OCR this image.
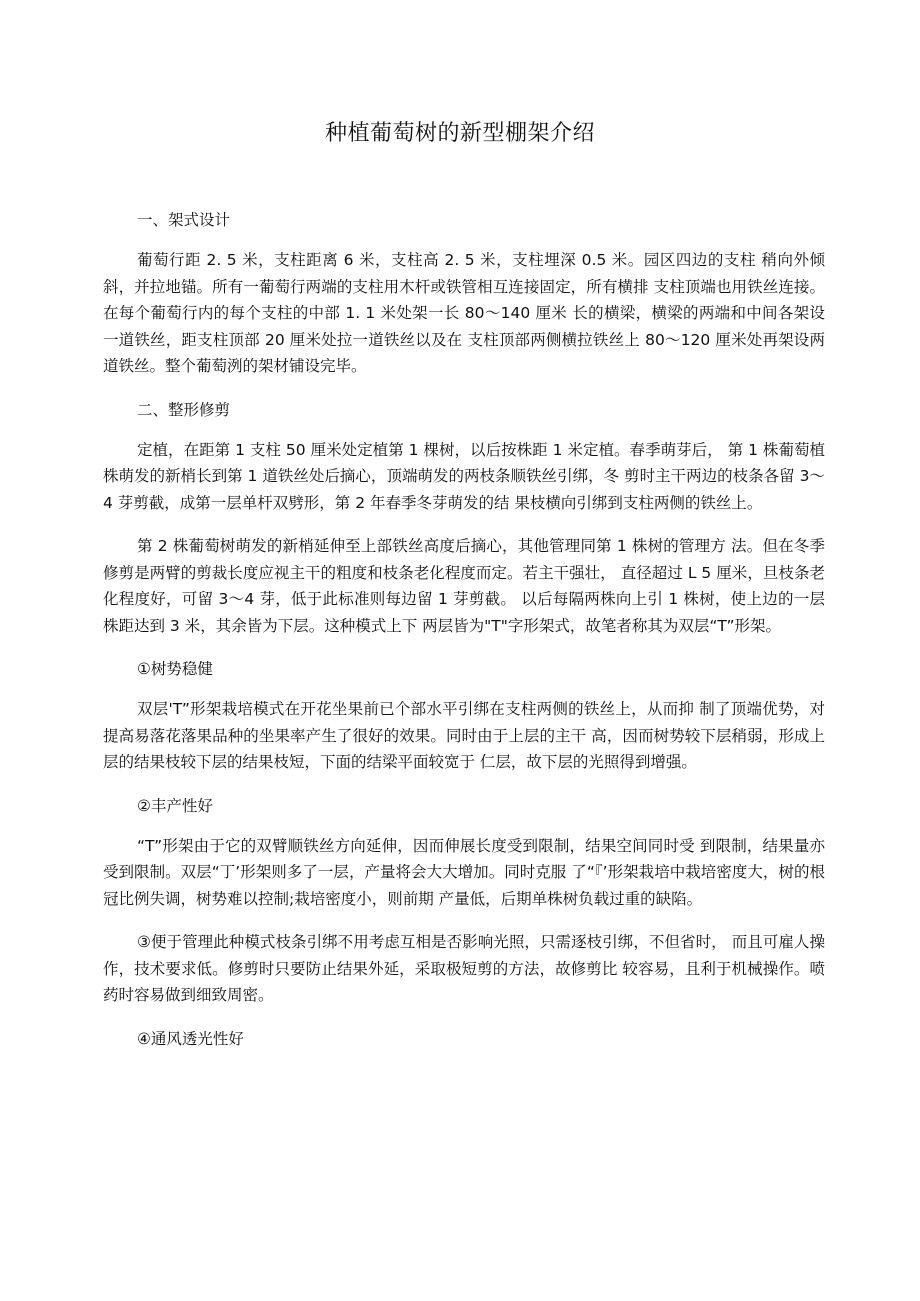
种植葡萄树的新型棚架介绍

一、架式设计

葡萄行距 2. 5 米，支柱距离 6 米，支柱高 2. 5 米，支柱埋深 0.5 米。园区四边的支柱 稍向外倾斜，并拉地锚。所有一葡萄行两端的支柱用木杆或铁管相互连接固定，所有横排 支柱顶端也用铁丝连接。在每个葡萄行内的每个支柱的中部 1. 1 米处架一长 80～140 厘米 长的横梁，横梁的两端和中间各架设一道铁丝，距支柱顶部 20 厘米处拉一道铁丝以及在 支柱顶部两侧横拉铁丝上 80～120 厘米处再架设两道铁丝。整个葡萄洌的架材铺设完毕。

二、整形修剪

定植，在距第 1 支柱 50 厘米处定植第 1 棵树，以后按株距 1 米定植。春季萌芽后， 第 1 株葡萄植株萌发的新梢长到第 1 道铁丝处后摘心，顶端萌发的两枝条顺铁丝引绑，冬 剪时主干两边的枝条各留 3～4 芽剪截，成第一层单杆双劈形，第 2 年春季冬芽萌发的结 果枝横向引绑到支柱两侧的铁丝上。

第 2 株葡萄树萌发的新梢延伸至上部铁丝高度后摘心，其他管理同第 1 株树的管理方 法。但在冬季修剪是两臂的剪裁长度应视主干的粗度和枝条老化程度而定。若主干强壮， 直径超过 L 5 厘米，旦枝条老化程度好，可留 3～4 芽，低于此标准则每边留 1 芽剪截。 以后每隔两株向上引 1 株树，使上边的一层株距达到 3 米，其余皆为下层。这种模式上下 两层皆为"T"字形架式，故笔者称其为双层“T”形架。

①树势稳健

双层'T”形架栽培模式在开花坐果前已个部水平引绑在支柱两侧的铁丝上，从而抑 制了顶端优势，对提高易落花落果品种的坐果率产生了很好的效果。同时由于上层的主干 高，因而树势较下层稍弱，形成上层的结果枝较下层的结果枝短，下面的结梁平面较宽于 仁层，故下层的光照得到增强。

②丰产性好

“T”形架由于它的双臂顺铁丝方向延伸，因而伸展长度受到限制，结果空间同时受 到限制，结果量亦受到限制。双层“丁’形架则多了一层，产量将会大大增加。同时克服 了“『’形架栽培中栽培密度大，树的根冠比例失调，树势难以控制;栽培密度小，则前期 产量低，后期单株树负载过重的缺陷。

③便于管理此种模式枝条引绑不用考虑互相是否影响光照，只需逐枝引绑，不但省时， 而且可雇人操作，技术要求低。修剪时只要防止结果外延，采取极短剪的方法，故修剪比 较容易，且利于机械操作。喷药时容易做到细致周密。

④通风透光性好
